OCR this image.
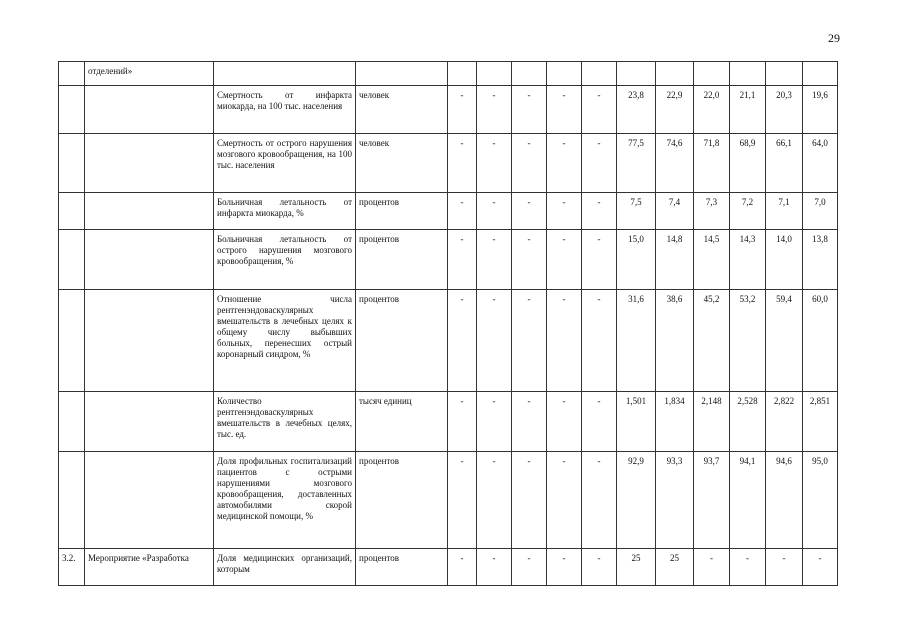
29
	отделений»													
		Смертность от инфаркта миокарда, на 100 тыс. населения	человек	-	-	-	-	-	23,8	22,9	22,0	21,1	20,3	19,6
		Смертность от острого нарушения мозгового кровообращения, на 100 тыс. населения	человек	-	-	-	-	-	77,5	74,6	71,8	68,9	66,1	64,0
		Больничная летальность от инфаркта миокарда, %	процентов	-	-	-	-	-	7,5	7,4	7,3	7,2	7,1	7,0
		Больничная летальность от острого нарушения мозгового кровообращения, %	процентов	-	-	-	-	-	15,0	14,8	14,5	14,3	14,0	13,8
		Отношение числа рентгенэндоваскулярных вмешательств в лечебных целях к общему числу выбывших больных, перенесших острый коронарный синдром, %	процентов	-	-	-	-	-	31,6	38,6	45,2	53,2	59,4	60,0
		Количество рентгенэндоваскулярных вмешательств в лечебных целях, тыс. ед.	тысяч единиц	-	-	-	-	-	1,501	1,834	2,148	2,528	2,822	2,851
		Доля профильных госпитализаций пациентов с острыми нарушениями мозгового кровообращения, доставленных автомобилями скорой медицинской помощи, %	процентов	-	-	-	-	-	92,9	93,3	93,7	94,1	94,6	95,0
3.2.	Мероприятие «Разработка	Доля медицинских организаций, которым	процентов	-	-	-	-	-	25	25	-	-	-	-
